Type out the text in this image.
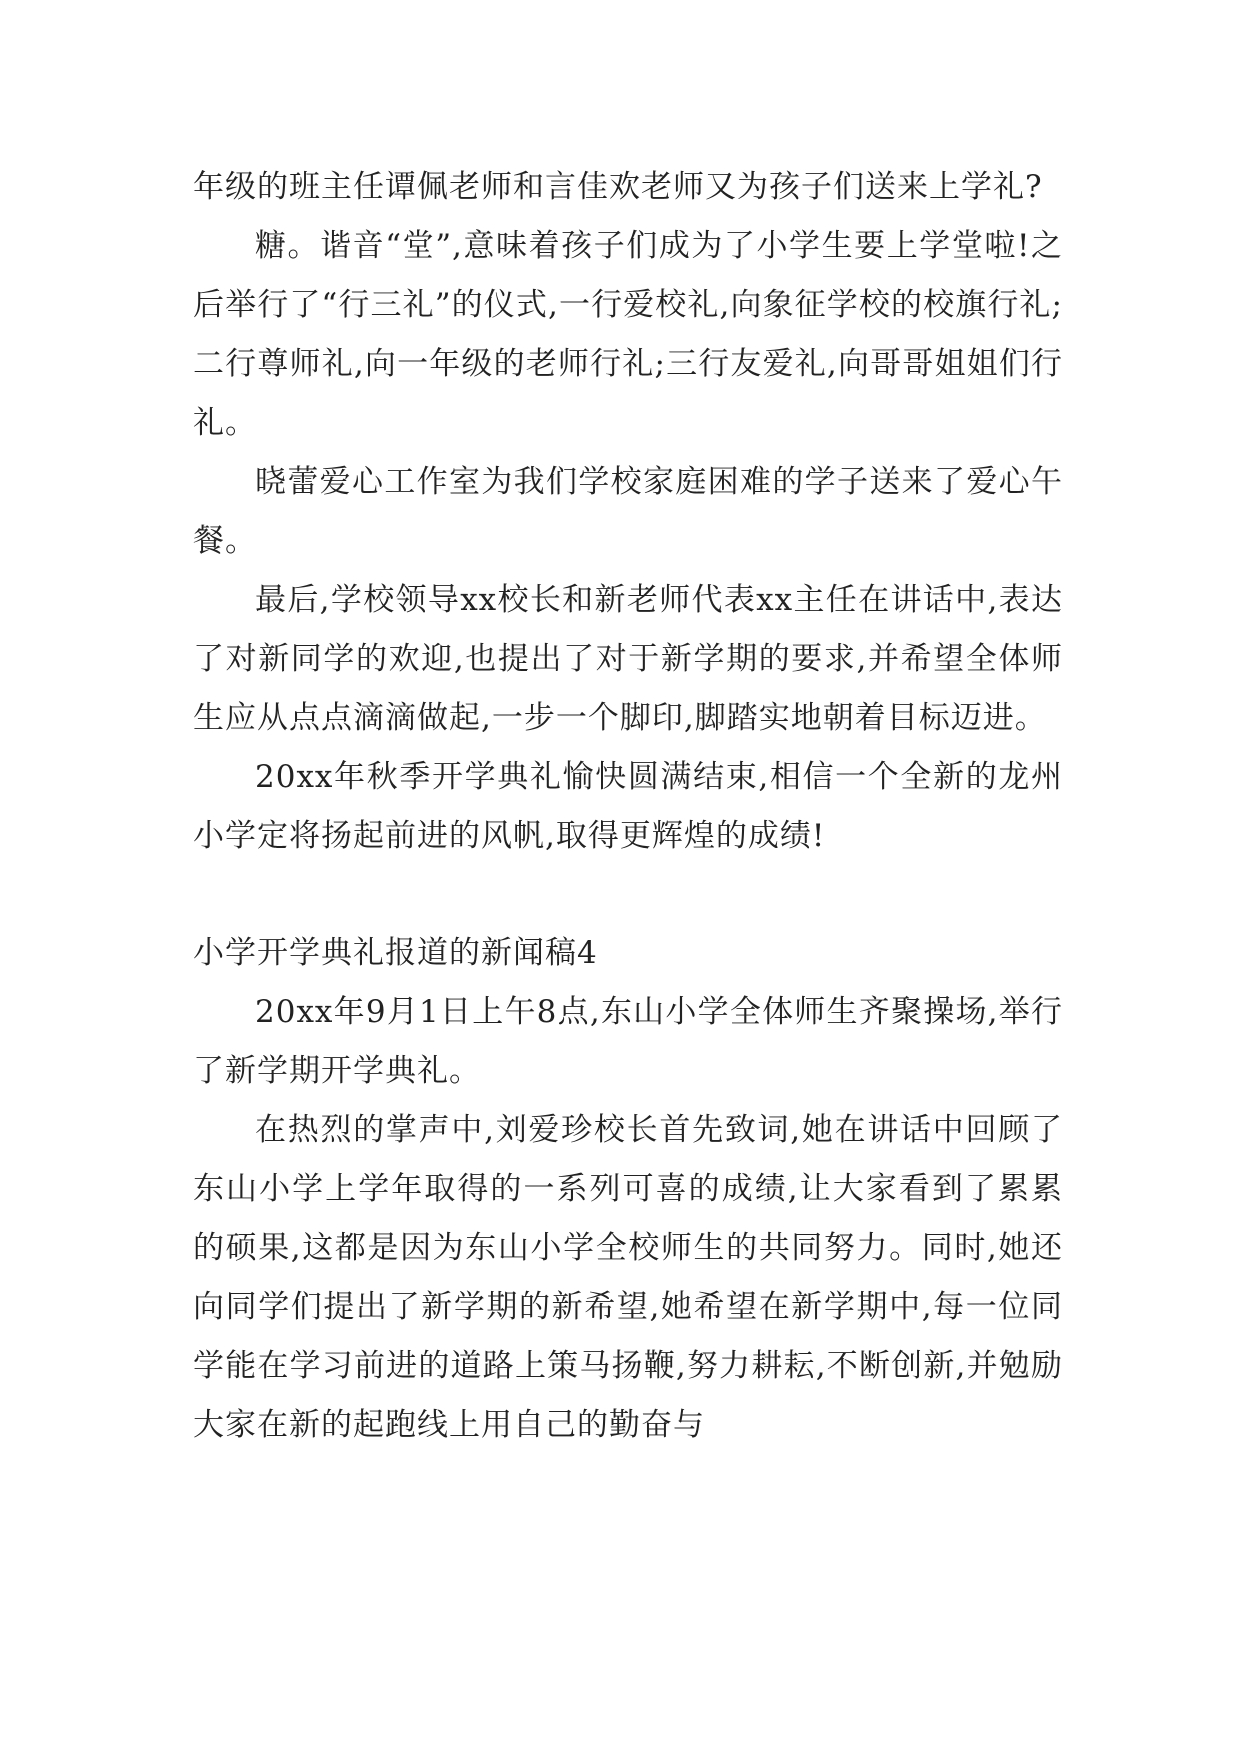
年级的班主任谭佩老师和言佳欢老师又为孩子们送来上学礼?

糖。谐音“堂”,意味着孩子们成为了小学生要上学堂啦!之后举行了“行三礼”的仪式,一行爱校礼,向象征学校的校旗行礼;二行尊师礼,向一年级的老师行礼;三行友爱礼,向哥哥姐姐们行礼。

晓蕾爱心工作室为我们学校家庭困难的学子送来了爱心午餐。

最后,学校领导xx校长和新老师代表xx主任在讲话中,表达了对新同学的欢迎,也提出了对于新学期的要求,并希望全体师生应从点点滴滴做起,一步一个脚印,脚踏实地朝着目标迈进。

20xx年秋季开学典礼愉快圆满结束,相信一个全新的龙州小学定将扬起前进的风帆,取得更辉煌的成绩!

小学开学典礼报道的新闻稿4

20xx年9月1日上午8点,东山小学全体师生齐聚操场,举行了新学期开学典礼。

在热烈的掌声中,刘爱珍校长首先致词,她在讲话中回顾了东山小学上学年取得的一系列可喜的成绩,让大家看到了累累的硕果,这都是因为东山小学全校师生的共同努力。同时,她还向同学们提出了新学期的新希望,她希望在新学期中,每一位同学能在学习前进的道路上策马扬鞭,努力耕耘,不断创新,并勉励大家在新的起跑线上用自己的勤奋与
